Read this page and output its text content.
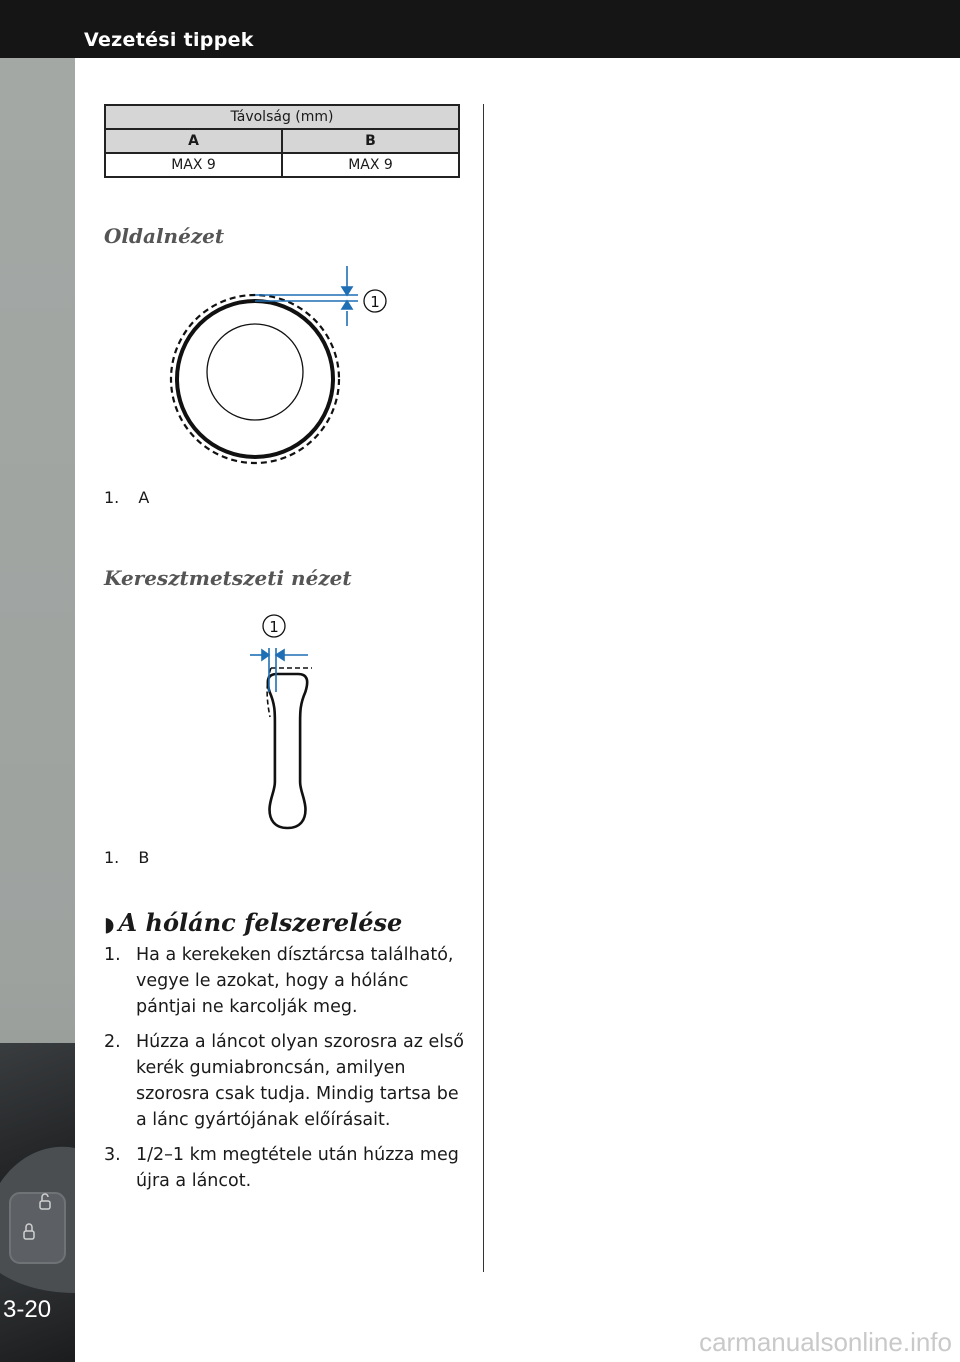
Vezetési tippek
3-20
Távolság (mm)	
A	B
MAX 9	MAX 9
Oldalnézet
1
1. A
Keresztmetszeti nézet
1
1. B
◗ A hólánc felszerelése
1. Ha a kerekeken dísztárcsa található, vegye le azokat, hogy a hólánc pántjai ne karcolják meg.
2. Húzza a láncot olyan szorosra az első kerék gumiabroncsán, amilyen szorosra csak tudja. Mindig tartsa be a lánc gyártójának előírásait.
3. 1/2–1 km megtétele után húzza meg újra a láncot.
carmanualsonline.info
